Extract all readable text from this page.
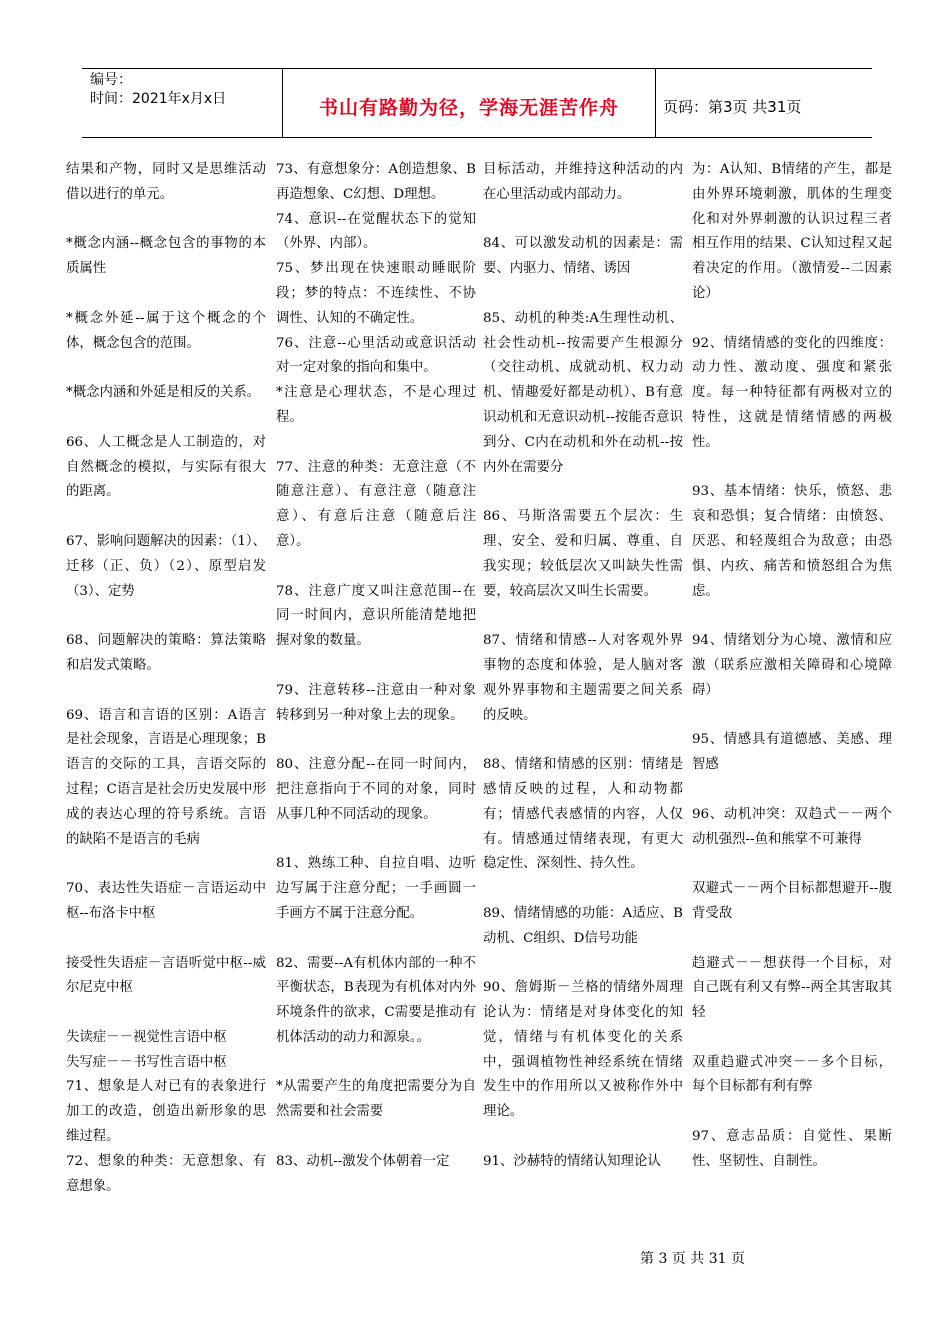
编号：
时间：2021年x月x日	书山有路勤为径，学海无涯苦作舟	页码：第3页 共31页

结果和产物，同时又是思维活动借以进行的单元。

*概念内涵--概念包含的事物的本质属性

*概念外延--属于这个概念的个体，概念包含的范围。

*概念内涵和外延是相反的关系。

66、人工概念是人工制造的，对自然概念的模拟，与实际有很大的距离。

67、影响问题解决的因素：（1）、迁移（正、负）（2）、原型启发（3）、定势

68、问题解决的策略：算法策略和启发式策略。

69、语言和言语的区别：A语言是社会现象，言语是心理现象；B语言的交际的工具，言语交际的过程；C语言是社会历史发展中形成的表达心理的符号系统。言语的缺陷不是语言的毛病

70、表达性失语症－言语运动中枢--布洛卡中枢

接受性失语症－言语听觉中枢--威尔尼克中枢

失读症－－视觉性言语中枢

失写症－－书写性言语中枢

71、想象是人对已有的表象进行加工的改造，创造出新形象的思维过程。

72、想象的种类：无意想象、有意想象。

73、有意想象分：A创造想象、B再造想象、C幻想、D理想。

74、意识--在觉醒状态下的觉知（外界、内部）。

75、梦出现在快速眼动睡眠阶段；梦的特点：不连续性、不协调性、认知的不确定性。

76、注意--心里活动或意识活动对一定对象的指向和集中。

*注意是心理状态，不是心理过程。

77、注意的种类：无意注意（不随意注意）、有意注意（随意注意）、有意后注意（随意后注意）。

78、注意广度又叫注意范围--在同一时间内，意识所能清楚地把握对象的数量。

79、注意转移--注意由一种对象转移到另一种对象上去的现象。

80、注意分配--在同一时间内，把注意指向于不同的对象，同时从事几种不同活动的现象。

81、熟练工种、自拉自唱、边听边写属于注意分配；一手画圆一手画方不属于注意分配。

82、需要--A有机体内部的一种不平衡状态，B表现为有机体对内外环境条件的欲求，C需要是推动有机体活动的动力和源泉。。

*从需要产生的角度把需要分为自然需要和社会需要

83、动机--激发个体朝着一定

目标活动，并维持这种活动的内在心里活动或内部动力。

84、可以激发动机的因素是：需要、内驱力、情绪、诱因

85、动机的种类:A生理性动机、社会性动机--按需要产生根源分（交往动机、成就动机、权力动机、情趣爱好都是动机）、B有意识动机和无意识动机--按能否意识到分、C内在动机和外在动机--按内外在需要分

86、马斯洛需要五个层次：生理、安全、爱和归属、尊重、自我实现；较低层次又叫缺失性需要，较高层次又叫生长需要。

87、情绪和情感--人对客观外界事物的态度和体验，是人脑对客观外界事物和主题需要之间关系的反映。

88、情绪和情感的区别：情绪是感情反映的过程，人和动物都有；情感代表感情的内容，人仅有。情感通过情绪表现，有更大稳定性、深刻性、持久性。

89、情绪情感的功能：A适应、B动机、C组织、D信号功能

90、詹姆斯－兰格的情绪外周理论认为：情绪是对身体变化的知觉，情绪与有机体变化的关系中，强调植物性神经系统在情绪发生中的作用所以又被称作外中理论。

91、沙赫特的情绪认知理论认

为：A认知、B情绪的产生，都是由外界环境刺激，肌体的生理变化和对外界刺激的认识过程三者相互作用的结果、C认知过程又起着决定的作用。（激情爱--二因素论）

92、情绪情感的变化的四维度：动力性、激动度、强度和紧张度。每一种特征都有两极对立的特性，这就是情绪情感的两极性。

93、基本情绪：快乐，愤怒、悲哀和恐惧；复合情绪：由愤怒、厌恶、和轻蔑组合为敌意；由恐惧、内疚、痛苦和愤怒组合为焦虑。

94、情绪划分为心境、激情和应激（联系应激相关障碍和心境障碍）

95、情感具有道德感、美感、理智感

96、动机冲突：双趋式－－两个动机强烈--鱼和熊掌不可兼得

双避式－－两个目标都想避开--腹背受敌

趋避式－－想获得一个目标，对自己既有利又有弊--两全其害取其轻

双重趋避式冲突－－多个目标，每个目标都有利有弊

97、意志品质：自觉性、果断性、坚韧性、自制性。

第 3 页 共 31 页
